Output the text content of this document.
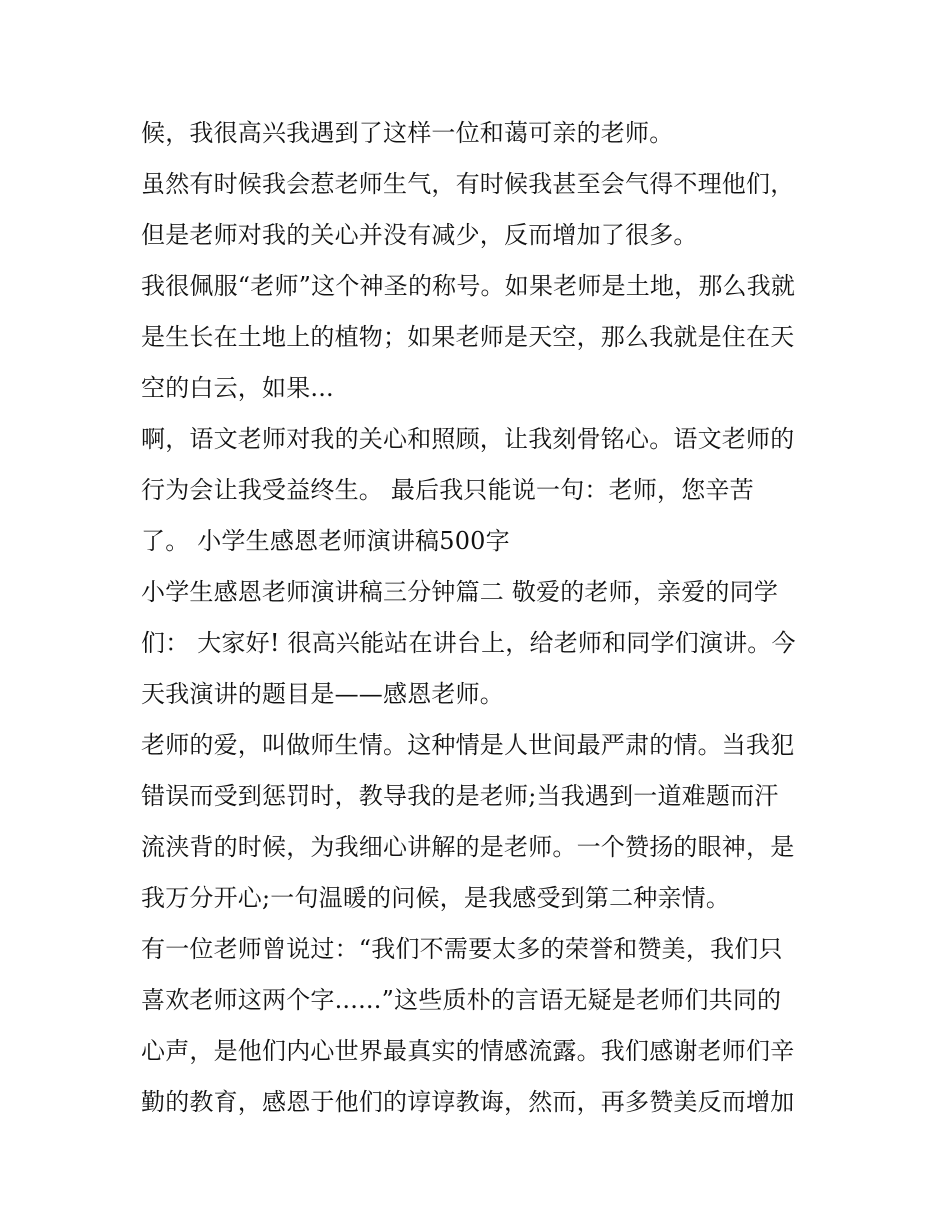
候，我很高兴我遇到了这样一位和蔼可亲的老师。
虽然有时候我会惹老师生气，有时候我甚至会气得不理他们，
但是老师对我的关心并没有减少，反而增加了很多。
我很佩服“老师”这个神圣的称号。如果老师是土地，那么我就
是生长在土地上的植物；如果老师是天空，那么我就是住在天
空的白云，如果...
啊，语文老师对我的关心和照顾，让我刻骨铭心。语文老师的
行为会让我受益终生。 最后我只能说一句：老师，您辛苦
了。 小学生感恩老师演讲稿500字
小学生感恩老师演讲稿三分钟篇二 敬爱的老师，亲爱的同学
们： 大家好! 很高兴能站在讲台上，给老师和同学们演讲。今
天我演讲的题目是——感恩老师。
老师的爱，叫做师生情。这种情是人世间最严肃的情。当我犯
错误而受到惩罚时，教导我的是老师;当我遇到一道难题而汗
流浃背的时候，为我细心讲解的是老师。一个赞扬的眼神，是
我万分开心;一句温暖的问候，是我感受到第二种亲情。
有一位老师曾说过：“我们不需要太多的荣誉和赞美，我们只
喜欢老师这两个字......”这些质朴的言语无疑是老师们共同的
心声，是他们内心世界最真实的情感流露。我们感谢老师们辛
勤的教育，感恩于他们的谆谆教诲，然而，再多赞美反而增加
